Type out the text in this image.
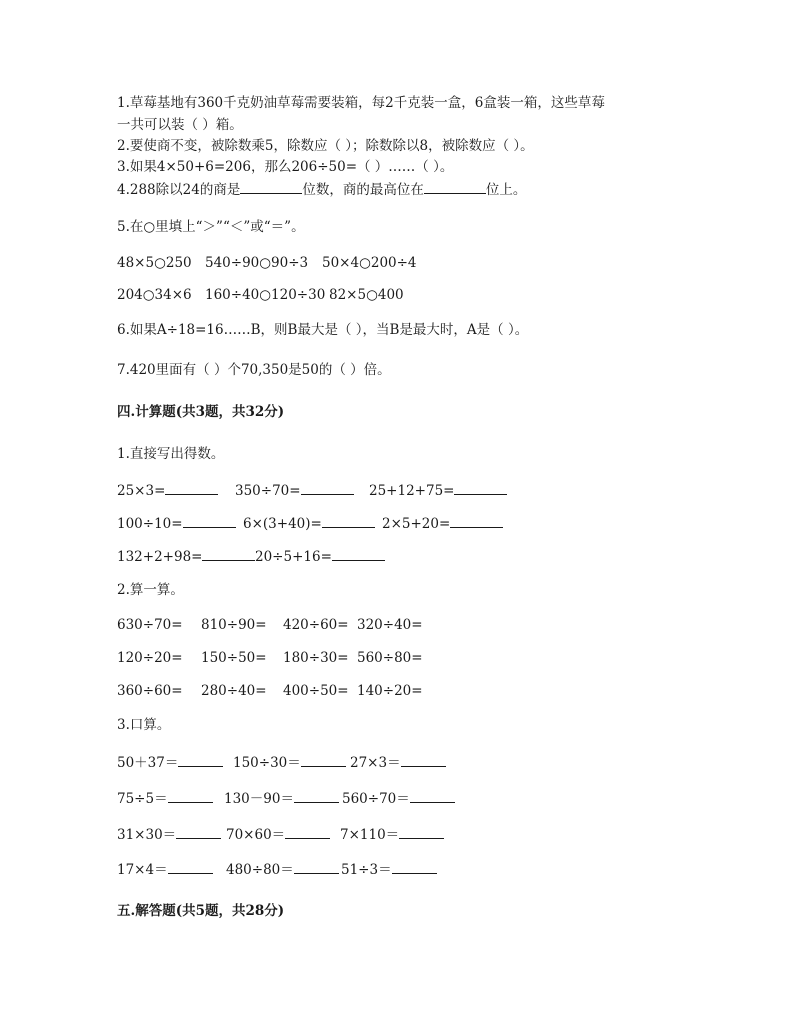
1.草莓基地有360千克奶油草莓需要装箱，每2千克装一盒，6盒装一箱，这些草莓
一共可以装（ ）箱。
2.要使商不变，被除数乘5，除数应（ ）；除数除以8，被除数应（ ）。
3.如果4×50+6=206，那么206÷50=（ ）……（ ）。
4.288除以24的商是	位数，商的最高位在	位上。
5.在○里填上“＞”“＜”或“＝”。
48×5○250 540÷90○90÷3 50×4○200÷4
204○34×6 160÷40○120÷30 82×5○400
6.如果A÷18=16……B，则B最大是（ ），当B是最大时，A是（ ）。
7.420里面有（ ）个70,350是50的（ ）倍。
四.计算题(共3题，共32分)
1.直接写出得数。
25×3=	350÷70=	25+12+75=
100÷10=	6×(3+40)=	2×5+20=
132+2+98=	20÷5+16=
2.算一算。
630÷70= 810÷90= 420÷60= 320÷40=
120÷20= 150÷50= 180÷30= 560÷80=
360÷60= 280÷40= 400÷50= 140÷20=
3.口算。
50＋37＝	150÷30＝	27×3＝
75÷5＝	130－90＝	560÷70＝
31×30＝	70×60＝	7×110＝
17×4＝	480÷80＝	51÷3＝
五.解答题(共5题，共28分)
